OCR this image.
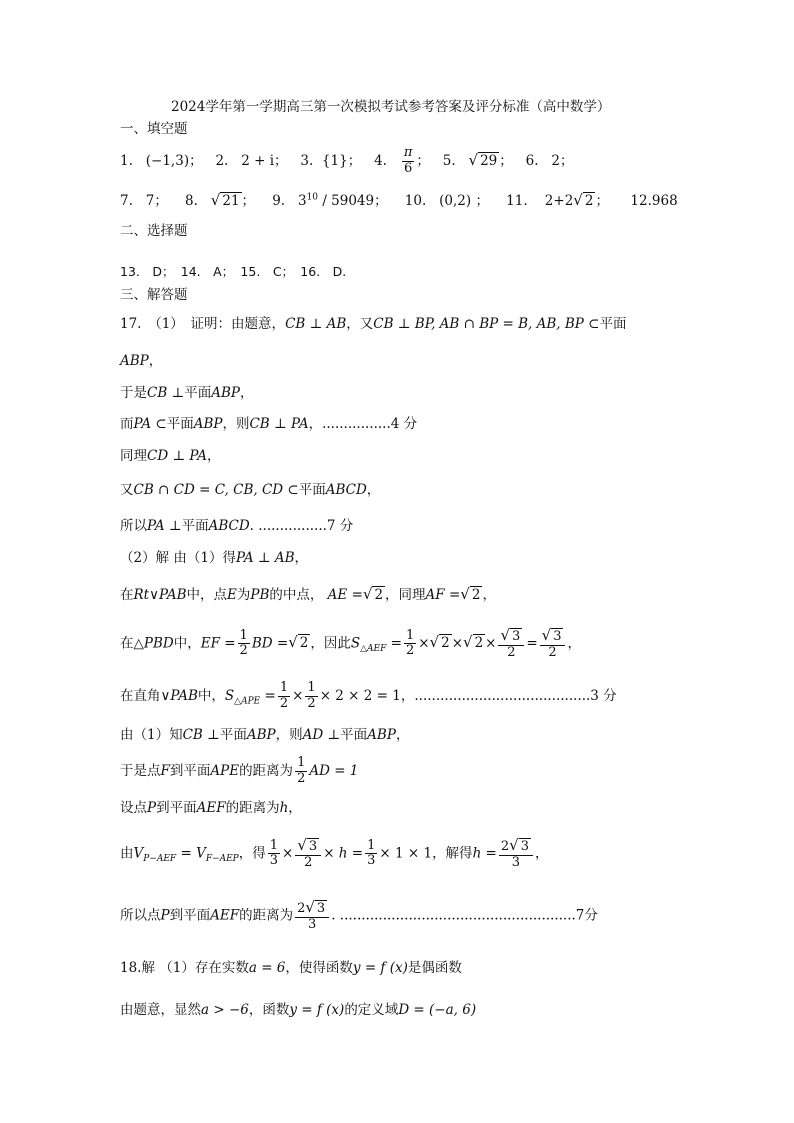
2024学年第一学期高三第一次模拟考试参考答案及评分标准（高中数学）
一、填空题
1. (−1,3)；   2. 2 + i；   3. {1}；   4. $\frac{\pi}{6}$ ；   5. √ 29 ；   6. 2；
7. 7；    8. √ 21 ；    9. $3^{10} / 59049$；    10. (0,2) ；    11. 2+2√ 2 ；     12.968
二、选择题
13.　D；　14.　A；　15.　C；　16.　D.
三、解答题
17.　（1）　证明：由题意，CB ⊥ AB，又CB ⊥ BP, AB ∩ BP = B, AB, BP ⊂平面
ABP，
于是CB ⊥平面ABP，
而PA ⊂平面ABP，则CB ⊥ PA，................4 分
同理CD ⊥ PA，
又CB ∩ CD = C, CB, CD ⊂平面ABCD，
所以PA ⊥平面ABCD. ................7 分
（2）解 由（1）得PA ⊥ AB，
在Rt∨PAB中，点E为PB的中点， AE =√ 2 ，同理AF =√ 2 ，
在△PBD中，EF = $\frac{1}{2}$ BD =√ 2 ，因此$S_{\triangle AEF} = \frac{1}{2}$ ×√ 2 ×√ $2 \times \frac{√ 3}{2} = \frac{√ 3}{2}$ ，
在直角∨PAB中，$S_{\triangle APE} = \frac{1}{2} \times \frac{1}{2} \times 2 \times 2 = 1$，.........................................3 分
由（1）知CB ⊥平面ABP，则AD ⊥平面ABP，
于是点F到平面APE的距离为 $\frac{1}{2}$ AD = 1
设点P到平面AEF的距离为h，
由$V_{P-AEF} = V_{F-AEP}$，得 $\frac{1}{3} \times \frac{√ 3}{2} \times h = \frac{1}{3} \times 1 \times 1$，解得$h = \frac{2√ 3}{3}$ ，
所以点P到平面AEF的距离为 $\frac{2√ 3}{3}$ . .......................................................7分
18.解 （1）存在实数a = 6，使得函数y = f (x)是偶函数
由题意，显然a > −6，函数y = f (x)的定义域D = (−a, 6)
